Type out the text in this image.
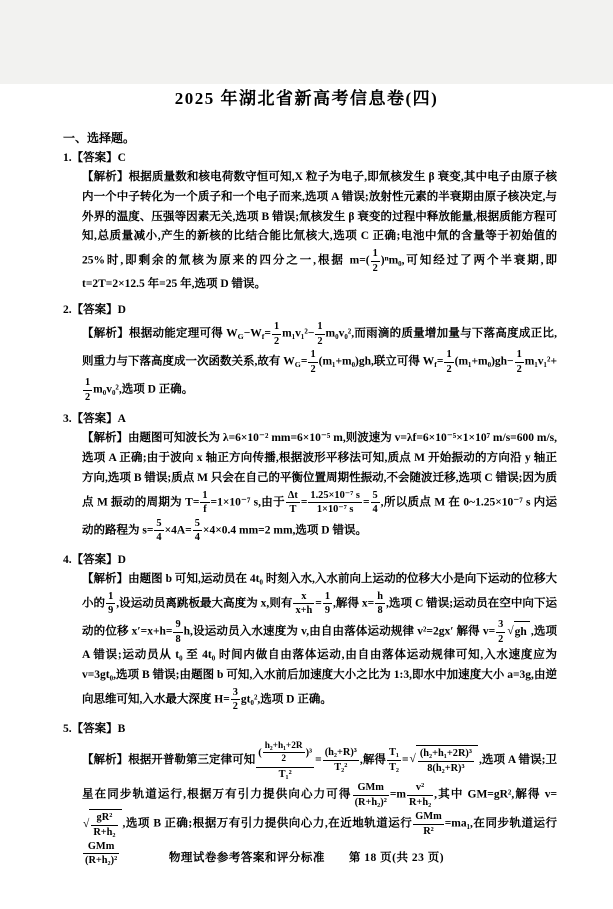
2025 年湖北省新高考信息卷(四)
一、选择题。
1.【答案】C
【解析】根据质量数和核电荷数守恒可知,X 粒子为电子,即氚核发生 β 衰变,其中电子由原子核内一个中子转化为一个质子和一个电子而来,选项 A 错误;放射性元素的半衰期由原子核决定,与外界的温度、压强等因素无关,选项 B 错误;氚核发生 β 衰变的过程中释放能量,根据质能方程可知,总质量减小,产生的新核的比结合能比氚核大,选项 C 正确;电池中氚的含量等于初始值的 25%时,即剩余的氚核为原来的四分之一,根据 $m=( \frac{1}{2} )^nm_0$,可知经过了两个半衰期,即 t=2T=2×12.5 年=25 年,选项 D 错误。
2.【答案】D
【解析】根据动能定理可得 $W_G-W_f= \frac{1}{2} m_1v_1^2- \frac{1}{2} m_0v_0^2$,而雨滴的质量增加量与下落高度成正比,则重力与下落高度成一次函数关系,故有 $W_G= \frac{1}{2} (m_1+m_0)gh$,联立可得 $W_f= \frac{1}{2} (m_1+m_0)gh- \frac{1}{2} m_1v_1^2+$
$\frac{1}{2} m_0v_0^2$,选项 D 正确。
3.【答案】A
【解析】由题图可知波长为 λ=6×10⁻² mm=6×10⁻⁵ m,则波速为 v=λf=6×10⁻⁵×1×10⁷ m/s=600 m/s,选项 A 正确;由于波向 x 轴正方向传播,根据波形平移法可知,质点 M 开始振动的方向沿 y 轴正方向,选项 B 错误;质点 M 只会在自己的平衡位置周期性振动,不会随波迁移,选项 C 错误;因为质点 M 振动的周期为 $T= \frac{1}{f} =1\times 10^{-7}$ s,由于 $\frac{\Delta t}{T} = \frac{\text{1.25×10⁻⁷ s}}{\text{1×10⁻⁷ s}} = \frac{5}{4}$ ,所以质点 M 在 0~1.25×10⁻⁷ s 内运动的路程为 $s= \frac{5}{4} \times 4A= \frac{5}{4} \times 4\times 0.4$ mm=2 mm,选项 D 错误。
4.【答案】D
【解析】由题图 b 可知,运动员在 4t₀ 时刻入水,入水前向上运动的位移大小是向下运动的位移大小的 $\frac{1}{9}$ ,设运动员离跳板最大高度为 x,则有 $\frac{x}{x+h} = \frac{1}{9}$ ,解得 $x= \frac{h}{8}$ ,选项 C 错误;运动员在空中向下运动的位移 $x'=x+h= \frac{9}{8} h$,设运动员入水速度为 v,由自由落体运动规律 v²=2gx′ 解得 $v= \frac{3}{2} √gh$ ,选项 A 错误;运动员从 t₀ 至 4t₀ 时间内做自由落体运动,由自由落体运动规律可知,入水速度应为 v=3gt₀,选项 B 错误;由题图 b 可知,入水前后加速度大小之比为 1:3,即水中加速度大小 a=3g,由逆向思维可知,入水最大深度 $H= \frac{3}{2} gt_0^2$,选项 D 正确。
5.【答案】B
【解析】根据开普勒第三定律可知 $\frac{( \frac{\text{h₂+h₁+2R}}{2} )^3}{\text{T₁²}} = \frac{\text{(h₂+R)³}}{\text{T₂²}}$ ,解得 $\frac{\text{T₁}}{\text{T₂}}$ =√ $\frac{\text{(h₂+h₁+2R)³}}{\text{8(h₂+R)³}}$ ,选项 A 错误;卫星在同步轨道运行,根据万有引力提供向心力可得 $\frac{\text{GMm}}{\text{(R+h₂)²}} =m \frac{\text{v²}}{\text{R+h₂}}$ ,其中 GM=gR²,解得 $v=√ \frac{\text{gR²}}{\text{R+h₂}}$ ,选项 B 正确;根据万有引力提供向心力,在近地轨道运行 $\frac{\text{GMm}}{\text{R²}} =ma_1$,在同步轨道运行
$\frac{\text{GMm}}{\text{(R+h₂)²}}$	物理试卷参考答案和评分标准　　第 18 页(共 23 页)
